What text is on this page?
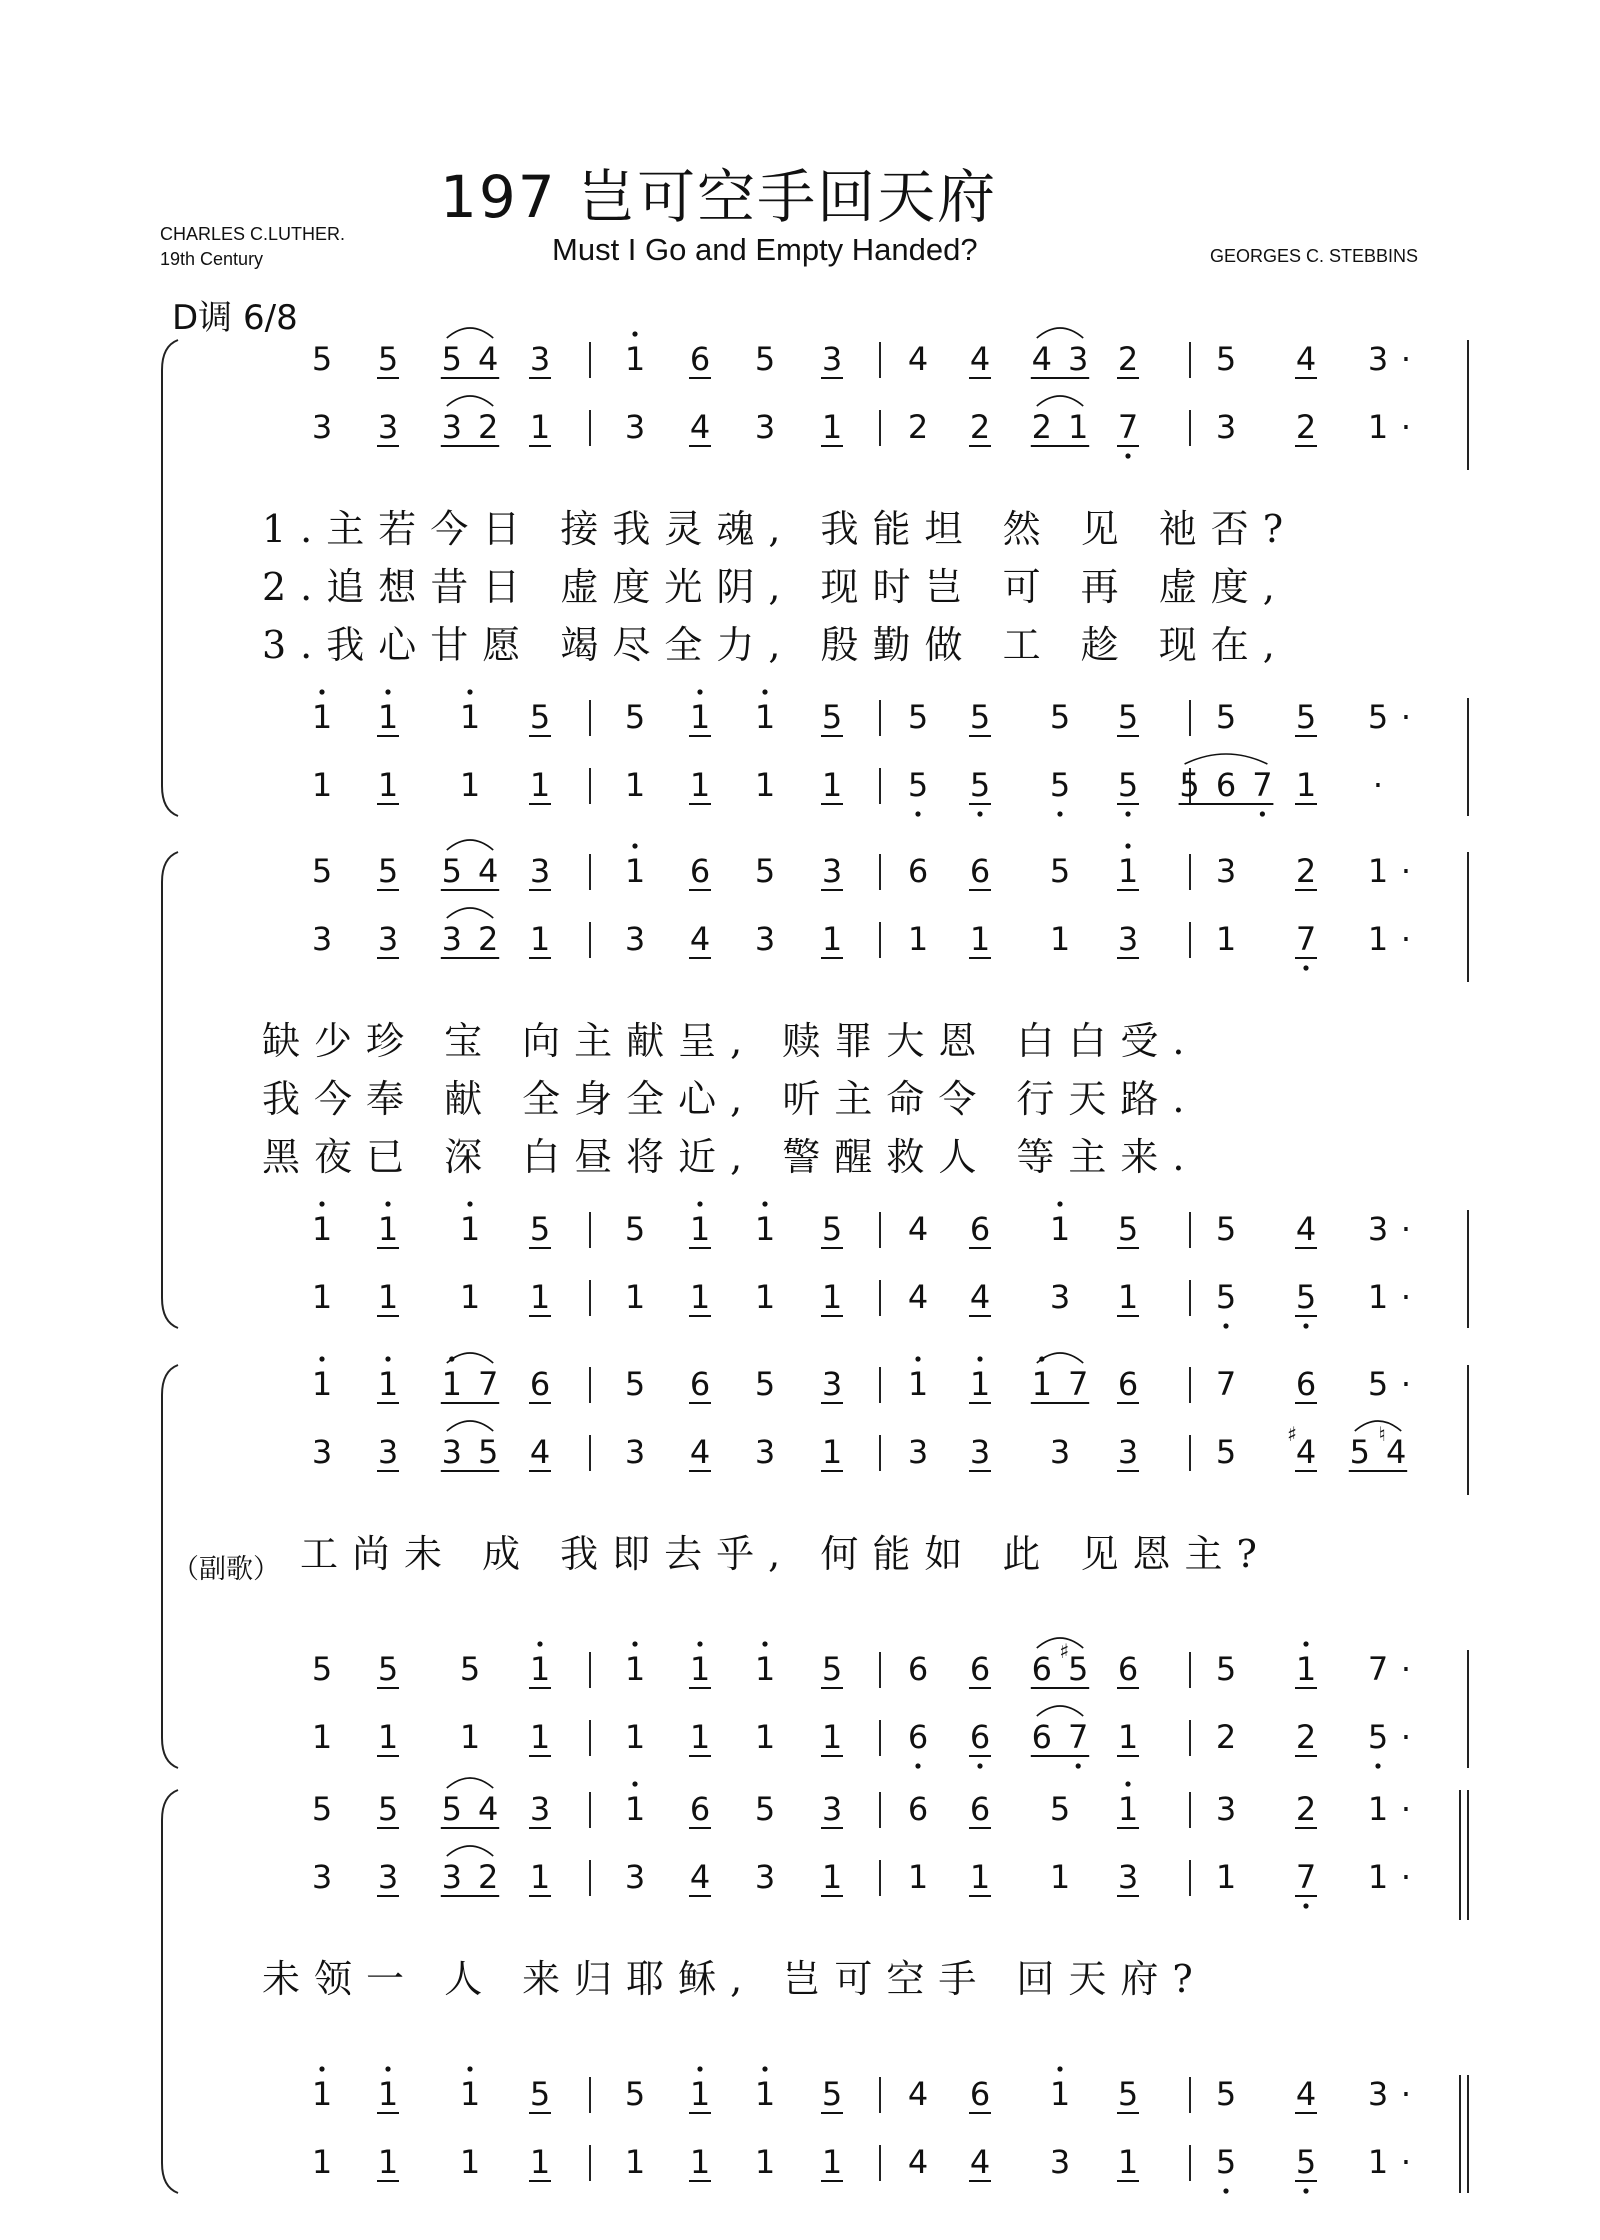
197 岂可空手回天府
Must I Go and Empty Handed?
CHARLES C.LUTHER.
19th Century	GEORGES C. STEBBINS
D调 6/8
（副歌）
5 5 5 4 3 1 6 5 3 4 4 4 3 2 5 4 3 ·
3 3 3 2 1 3 4 3 1 2 2 2 1 7 3 2 1 ·
1 1 1 5 5 1 1 5 5 5 5 5 5 5 5 ·
1 1 1 1 1 1 1 1 5 5 5 5 5 6 7 1 ·
1.主若今日 接我灵魂, 我能坦 然 见 祂否?
2.追想昔日 虚度光阴, 现时岂 可 再 虚度,
3.我心甘愿 竭尽全力, 殷勤做 工 趁 现在,
5 5 5 4 3 1 6 5 3 6 6 5 1 3 2 1 ·
3 3 3 2 1 3 4 3 1 1 1 1 3 1 7 1 ·
1 1 1 5 5 1 1 5 4 6 1 5 5 4 3 ·
1 1 1 1 1 1 1 1 4 4 3 1 5 5 1 ·
缺少珍 宝 向主献呈, 赎罪大恩 白白受.
我今奉 献 全身全心, 听主命令 行天路.
黑夜已 深 白昼将近, 警醒救人 等主来.
1 1 1 7 6 5 6 5 3 1 1 1 7 6 7 6 5 ·
3 3 3 5 4 3 4 3 1 3 3 3 3 5 4
♯ 5 4
♮
5 5 5 1 1 1 1 5 6 6 6 5
♯ 6 5 1 7 ·
1 1 1 1 1 1 1 1 6 6 6 7 1 2 2 5 ·
工尚未 成 我即去乎, 何能如 此 见恩主?
5 5 5 4 3 1 6 5 3 6 6 5 1 3 2 1 ·
3 3 3 2 1 3 4 3 1 1 1 1 3 1 7 1 ·
1 1 1 5 5 1 1 5 4 6 1 5 5 4 3 ·
1 1 1 1 1 1 1 1 4 4 3 1 5 5 1 ·
未领一 人 来归耶稣, 岂可空手 回天府?
